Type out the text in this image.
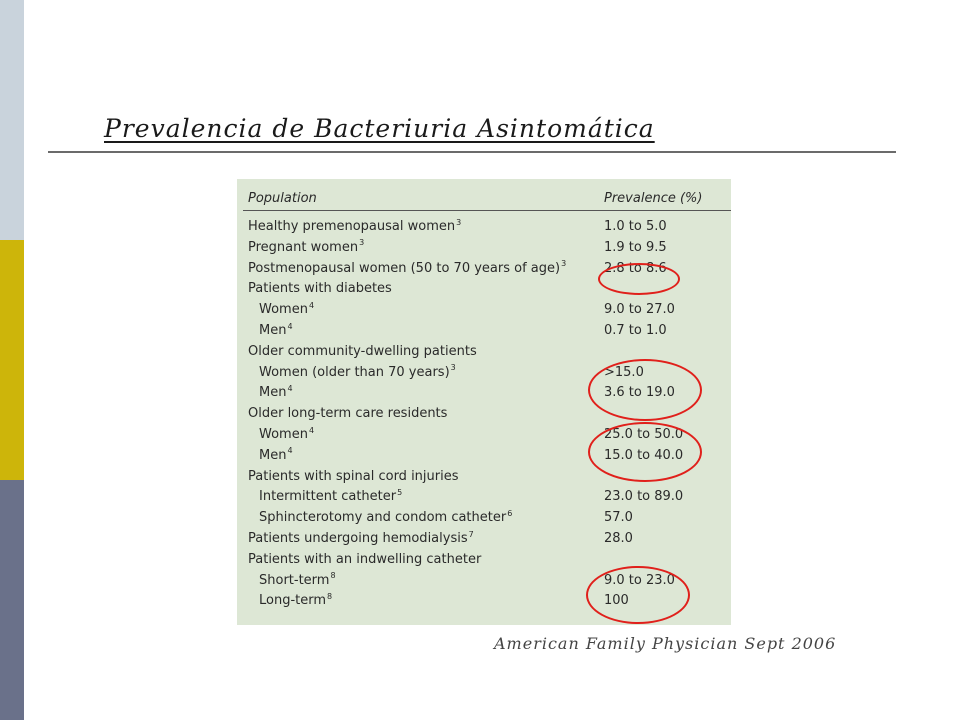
Prevalencia de Bacteriuria Asintomática
Population	Prevalence (%)
Healthy premenopausal women$^3$	1.0 to 5.0
Pregnant women$^3$	1.9 to 9.5
Postmenopausal women (50 to 70 years of age)$^3$	2.8 to 8.6
Patients with diabetes
Women$^4$	9.0 to 27.0
Men$^4$	0.7 to 1.0
Older community-dwelling patients
Women (older than 70 years)$^3$	>15.0
Men$^4$	3.6 to 19.0
Older long-term care residents
Women$^4$	25.0 to 50.0
Men$^4$	15.0 to 40.0
Patients with spinal cord injuries
Intermittent catheter$^5$	23.0 to 89.0
Sphincterotomy and condom catheter$^6$	57.0
Patients undergoing hemodialysis$^7$	28.0
Patients with an indwelling catheter
Short-term$^8$	9.0 to 23.0
Long-term$^8$	100
American Family Physician Sept 2006
